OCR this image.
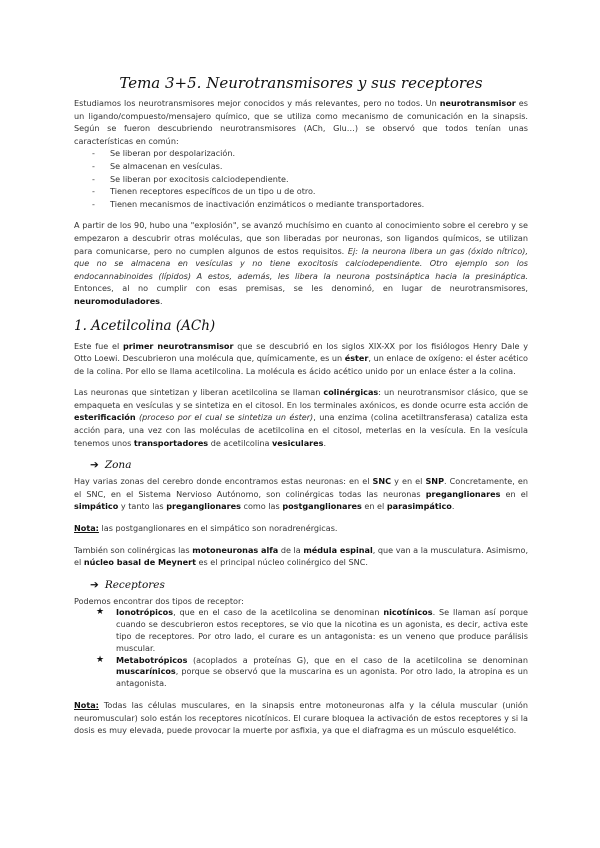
Tema 3+5. Neurotransmisores y sus receptores

Estudiamos los neurotransmisores mejor conocidos y más relevantes, pero no todos. Un neurotransmisor es un ligando/compuesto/mensajero químico, que se utiliza como mecanismo de comunicación en la sinapsis. Según se fueron descubriendo neurotransmisores (ACh, Glu…) se observó que todos tenían unas características en común:

- Se liberan por despolarización.
- Se almacenan en vesículas.
- Se liberan por exocitosis calciodependiente.
- Tienen receptores específicos de un tipo u de otro.
- Tienen mecanismos de inactivación enzimáticos o mediante transportadores.

A partir de los 90, hubo una "explosión", se avanzó muchísimo en cuanto al conocimiento sobre el cerebro y se empezaron a descubrir otras moléculas, que son liberadas por neuronas, son ligandos químicos, se utilizan para comunicarse, pero no cumplen algunos de estos requisitos. Ej: la neurona libera un gas (óxido nítrico), que no se almacena en vesículas y no tiene exocitosis calciodependiente. Otro ejemplo son los endocannabinoides (lípidos) A estos, además, les libera la neurona postsináptica hacia la presináptica. Entonces, al no cumplir con esas premisas, se les denominó, en lugar de neurotransmisores, neuromoduladores.

1. Acetilcolina (ACh)

Este fue el primer neurotransmisor que se descubrió en los siglos XIX-XX por los fisiólogos Henry Dale y Otto Loewi. Descubrieron una molécula que, químicamente, es un éster, un enlace de oxígeno: el éster acético de la colina. Por ello se llama acetilcolina. La molécula es ácido acético unido por un enlace éster a la colina.

Las neuronas que sintetizan y liberan acetilcolina se llaman colinérgicas: un neurotransmisor clásico, que se empaqueta en vesículas y se sintetiza en el citosol. En los terminales axónicos, es donde ocurre esta acción de esterificación (proceso por el cual se sintetiza un éster), una enzima (colina acetiltransferasa) cataliza esta acción para, una vez con las moléculas de acetilcolina en el citosol, meterlas en la vesícula. En la vesícula tenemos unos transportadores de acetilcolina vesiculares.

➔ Zona

Hay varias zonas del cerebro donde encontramos estas neuronas: en el SNC y en el SNP. Concretamente, en el SNC, en el Sistema Nervioso Autónomo, son colinérgicas todas las neuronas preganglionares en el simpático y tanto las preganglionares como las postganglionares en el parasimpático.

Nota: las postganglionares en el simpático son noradrenérgicas.

También son colinérgicas las motoneuronas alfa de la médula espinal, que van a la musculatura. Asimismo, el núcleo basal de Meynert es el principal núcleo colinérgico del SNC.

➔ Receptores

Podemos encontrar dos tipos de receptor:

★ Ionotrópicos, que en el caso de la acetilcolina se denominan nicotínicos. Se llaman así porque cuando se descubrieron estos receptores, se vio que la nicotina es un agonista, es decir, activa este tipo de receptores. Por otro lado, el curare es un antagonista: es un veneno que produce parálisis muscular.
★ Metabotrópicos (acoplados a proteínas G), que en el caso de la acetilcolina se denominan muscarínicos, porque se observó que la muscarina es un agonista. Por otro lado, la atropina es un antagonista.

Nota: Todas las células musculares, en la sinapsis entre motoneuronas alfa y la célula muscular (unión neuromuscular) solo están los receptores nicotínicos. El curare bloquea la activación de estos receptores y si la dosis es muy elevada, puede provocar la muerte por asfixia, ya que el diafragma es un músculo esquelético.
